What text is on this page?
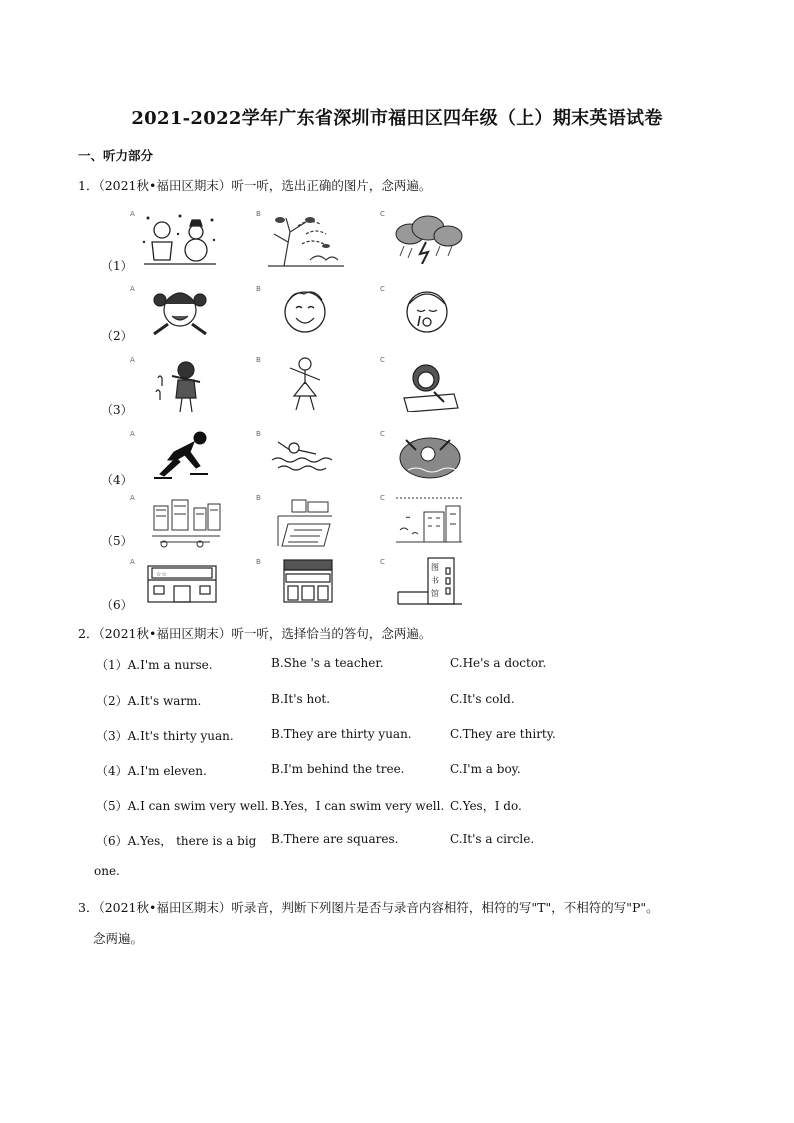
2021-2022学年广东省深圳市福田区四年级（上）期末英语试卷
一、听力部分
1．（2021秋•福田区期末）听一听，选出正确的图片，念两遍。
（1）
A	B	C
（2）
A	B	C
（3）
A	B	C
（4）
A	B	C
（5）
A	B	C
（6）
A	B	C
☆☆
图
书
馆
2．（2021秋•福田区期末）听一听，选择恰当的答句，念两遍。
（1）A.I'm a nurse.	B.She 's a teacher.	C.He's a doctor.
（2）A.It's warm.	B.It's hot.	C.It's cold.
（3）A.It's thirty yuan.	B.They are thirty yuan.	C.They are thirty.
（4）A.I'm eleven.	B.I'm behind the tree.	C.I'm a boy.
（5）A.I can swim very well. B.Yes，I can swim very well. C.Yes，I do.
（6）A.Yes， there is a big B.There are squares.	C.It's a circle.
one.
3．（2021秋•福田区期末）听录音，判断下列图片是否与录音内容相符，相符的写"T"，不相符的写"P"。
念两遍。
